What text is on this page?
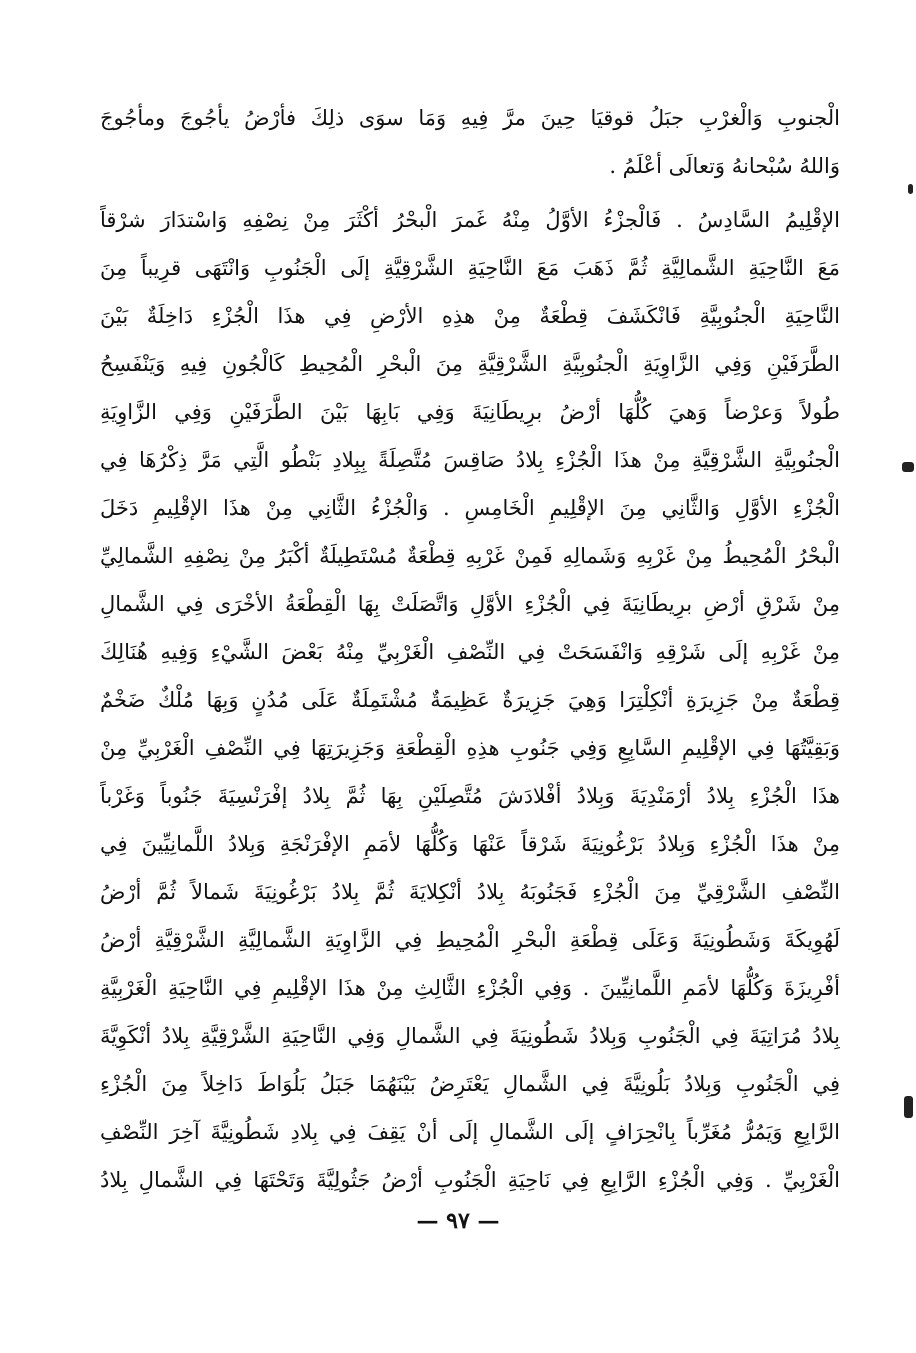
الْجنوبِ وَالْغرْبِ جبَلُ قوقيَا حِينَ مرَّ فِيهِ وَمَا سوَى ذلِكَ فأرْضُ يأجُوجَ ومأجُوجَ
وَاللهُ سُبْحانهُ وَتعالَى أعْلَمُ .
الإقْلِيمُ السَّادِسُ . فَالْجزْءُ الأوَّلُ مِنْهُ غَمرَ الْبحْرُ أكْثَرَ مِنْ نِصْفِهِ وَاسْتدَارَ شرْقاً
مَعَ النَّاحِيَةِ الشَّمالِيَّةِ ثُمَّ ذَهَبَ مَعَ النَّاحِيَةِ الشَّرْقِيَّةِ إلَى الْجَنُوبِ وَانْتَهَى قرِيباً مِنَ
النَّاحِيَةِ الْجنُوبِيَّةِ فَانْكَشَفَ قِطْعَةٌ مِنْ هذِهِ الأرْضِ فِي هذَا الْجُزْءِ دَاخِلَةٌ بَيْنَ
الطَّرَفَيْنِ وَفِي الزَّاوِيَةِ الْجنُوبِيَّةِ الشَّرْقِيَّةِ مِنَ الْبحْرِ الْمُحِيطِ كَالْجُونِ فِيهِ وَيَنْفَسِحُ
طُولاً وَعرْضاً وَهيَ كُلُّهَا أرْضُ برِيطَانِيَةَ وَفِي بَابِهَا بَيْنَ الطَّرَفَيْنِ وَفِي الزَّاوِيَةِ
الْجنُوبِيَّةِ الشَّرْقِيَّةِ مِنْ هذَا الْجُزْءِ بِلادُ صَاقِسَ مُتَّصِلَةً بِبِلادِ بَنْطُو الَّتِي مَرَّ ذِكْرُهَا فِي
الْجُزْءِ الأوَّلِ وَالثَّانِي مِنَ الإقْلِيمِ الْخَامِسِ . وَالْجُزْءُ الثَّانِي مِنْ هذَا الإقْلِيمِ دَخَلَ
الْبحْرُ الْمُحِيطُ مِنْ غَرْبِهِ وَشَمالِهِ فَمِنْ غَرْبِهِ قِطْعَةٌ مُسْتَطِيلَةٌ أكْبَرُ مِنْ نِصْفِهِ الشَّمالِيِّ
مِنْ شَرْقِ أرْضِ برِيطَانِيَةَ فِي الْجُزْءِ الأوَّلِ وَاتَّصَلَتْ بِهَا الْقِطْعَةُ الأخْرَى فِي الشَّمالِ
مِنْ غَرْبِهِ إلَى شَرْقِهِ وَانْفَسَحَتْ فِي النِّصْفِ الْغَرْبِيِّ مِنْهُ بَعْضَ الشَّيْءِ وَفِيهِ هُنَالِكَ
قِطْعَةٌ مِنْ جَزِيرَةِ أنْكِلْتِرَا وَهِيَ جَزِيرَةٌ عَظِيمَةٌ مُشْتَمِلَةٌ عَلَى مُدُنٍ وَبِهَا مُلْكٌ ضَخْمٌ
وَبَقِيَّتُهَا فِي الإقْلِيمِ السَّابِعِ وَفِي جَنُوبِ هذِهِ الْقِطْعَةِ وَجَزِيرَتِهَا فِي النِّصْفِ الْغَرْبِيِّ مِنْ
هذَا الْجُزْءِ بِلادُ أرْمَنْدِيَةَ وَبِلادُ أفْلادَشَ مُتَّصِلَيْنِ بِهَا ثُمَّ بِلادُ إفْرَنْسِيَةَ جَنُوباً وَغَرْباً
مِنْ هذَا الْجُزْءِ وَبِلادُ بَرْغُونِيَةَ شَرْقاً عَنْهَا وَكُلُّهَا لأمَمِ الإفْرَنْجَةِ وَبِلادُ اللَّمانِيِّينَ فِي
النِّصْفِ الشَّرْقِيِّ مِنَ الْجُزْءِ فَجَنُوبَهُ بِلادُ أنْكِلايَةَ ثُمَّ بِلادُ بَرْغُونِيَةَ شَمالاً ثُمَّ أرْضُ
لَهُوِيكَةَ وَشَطُونِيَةَ وَعَلَى قِطْعَةِ الْبحْرِ الْمُحِيطِ فِي الزَّاوِيَةِ الشَّمالِيَّةِ الشَّرْقِيَّةِ أرْضُ
أفْرِيزَةَ وَكُلُّهَا لأمَمِ اللَّمانِيِّينَ . وَفِي الْجُزْءِ الثَّالِثِ مِنْ هذَا الإقْلِيمِ فِي النَّاحِيَةِ الْغَرْبِيَّةِ
بِلادُ مُرَاتِيَةَ فِي الْجَنُوبِ وَبِلادُ شَطُونِيَةَ فِي الشَّمالِ وَفِي النَّاحِيَةِ الشَّرْقِيَّةِ بِلادُ أنْكَوِيَّةَ
فِي الْجَنُوبِ وَبِلادُ بَلُونِيَّةَ فِي الشَّمالِ يَعْتَرِضُ بَيْنَهُمَا جَبَلُ بَلُوَاطَ دَاخِلاً مِنَ الْجُزْءِ
الرَّابِعِ وَيَمُرُّ مُغَرِّباً بِانْحِرَافٍ إلَى الشَّمالِ إلَى أنْ يَقِفَ فِي بِلادِ شَطُونِيَّةَ آخِرَ النِّصْفِ
الْغَرْبِيِّ . وَفِي الْجُزْءِ الرَّابِعِ فِي نَاحِيَةِ الْجَنُوبِ أرْضُ جَثُولِيَّةَ وَتَحْتَهَا فِي الشَّمالِ بِلادُ
— ٩٧ —
